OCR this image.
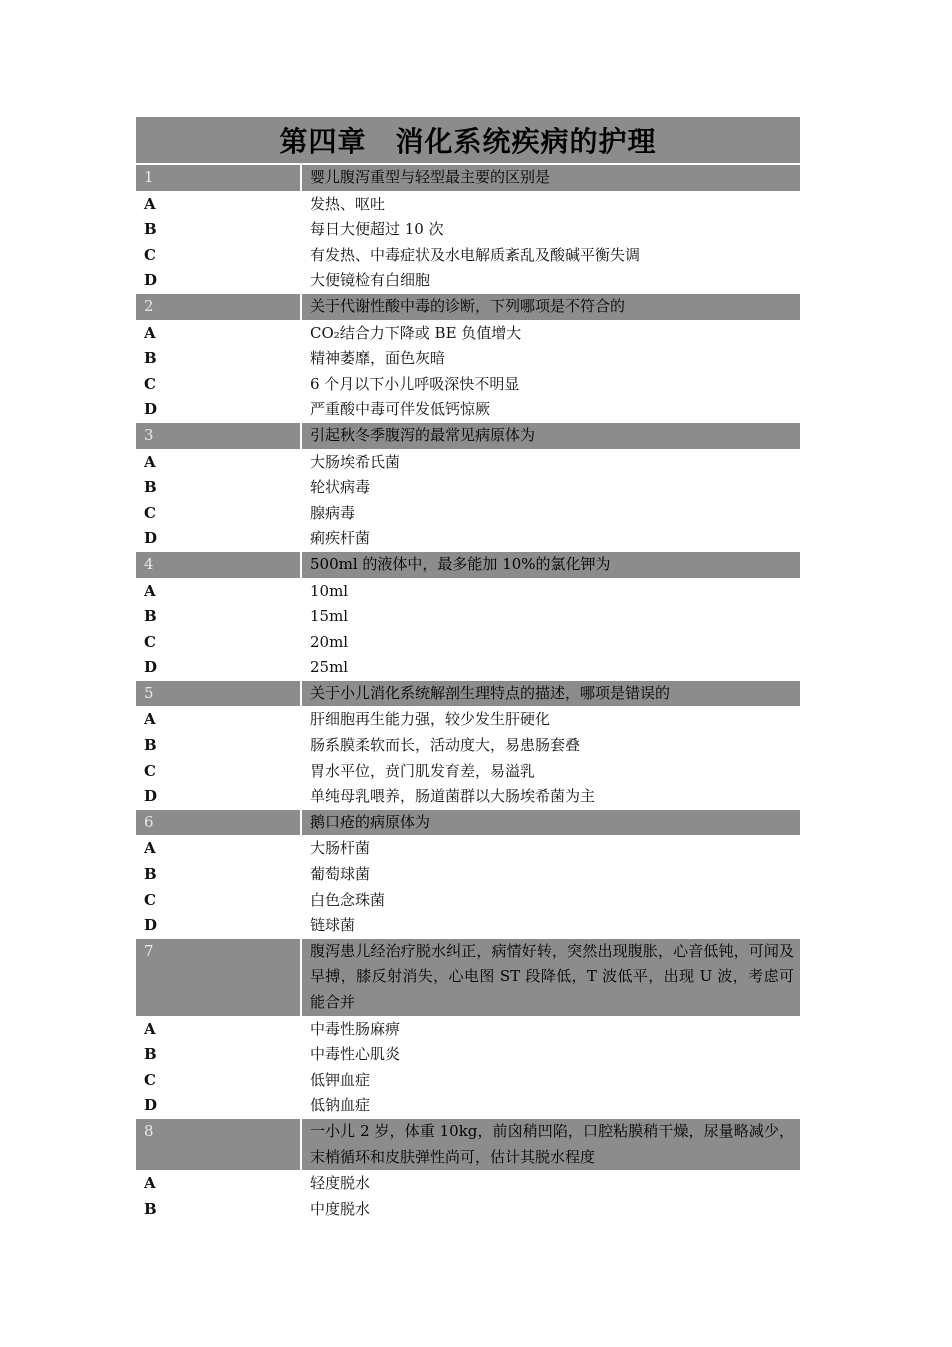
第四章　消化系统疾病的护理
1	婴儿腹泻重型与轻型最主要的区别是
A	发热、呕吐
B	每日大便超过 10 次
C	有发热、中毒症状及水电解质紊乱及酸碱平衡失调
D	大便镜检有白细胞
2	关于代谢性酸中毒的诊断，下列哪项是不符合的
A	CO₂结合力下降或 BE 负值增大
B	精神萎靡，面色灰暗
C	6 个月以下小儿呼吸深快不明显
D	严重酸中毒可伴发低钙惊厥
3	引起秋冬季腹泻的最常见病原体为
A	大肠埃希氏菌
B	轮状病毒
C	腺病毒
D	痢疾杆菌
4	500ml 的液体中，最多能加 10%的氯化钾为
A	10ml
B	15ml
C	20ml
D	25ml
5	关于小儿消化系统解剖生理特点的描述，哪项是错误的
A	肝细胞再生能力强，较少发生肝硬化
B	肠系膜柔软而长，活动度大，易患肠套叠
C	胃水平位，贲门肌发育差，易溢乳
D	单纯母乳喂养，肠道菌群以大肠埃希菌为主
6	鹅口疮的病原体为
A	大肠杆菌
B	葡萄球菌
C	白色念珠菌
D	链球菌
7	腹泻患儿经治疗脱水纠正，病情好转，突然出现腹胀，心音低钝，可闻及早搏，膝反射消失，心电图 ST 段降低，T 波低平，出现 U 波，考虑可能合并
A	中毒性肠麻痹
B	中毒性心肌炎
C	低钾血症
D	低钠血症
8	一小儿 2 岁，体重 10kg，前囟稍凹陷，口腔粘膜稍干燥，尿量略减少，末梢循环和皮肤弹性尚可，估计其脱水程度
A	轻度脱水
B	中度脱水
